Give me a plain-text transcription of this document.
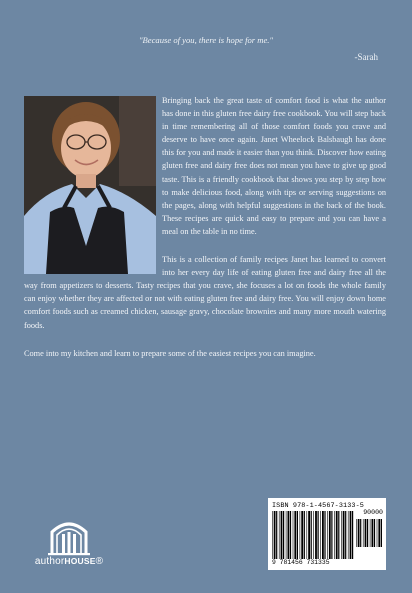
"Because of you, there is hope for me."
-Sarah

Bringing back the great taste of comfort food is what the author has done in this gluten free dairy free cookbook. You will step back in time remembering all of those comfort foods you crave and deserve to have once again. Janet Wheelock Balsbaugh has done this for you and made it easier than you think. Discover how eating gluten free and dairy free does not mean you have to give up good taste. This is a friendly cookbook that shows you step by step how to make delicious food, along with tips or serving suggestions on the pages, along with helpful suggestions in the back of the book. These recipes are quick and easy to prepare and you can have a meal on the table in no time.

This is a collection of family recipes Janet has learned to convert into her every day life of eating gluten free and dairy free all the way from appetizers to desserts. Tasty recipes that you crave, she focuses a lot on foods the whole family can enjoy whether they are affected or not with eating gluten free and dairy free. You will enjoy down home comfort foods such as creamed chicken, sausage gravy, chocolate brownies and many more mouth watering foods.

Come into my kitchen and learn to prepare some of the easiest recipes you can imagine.

authorHOUSE®
ISBN 978-1-4567-3133-5
90000
9 781456 731335
